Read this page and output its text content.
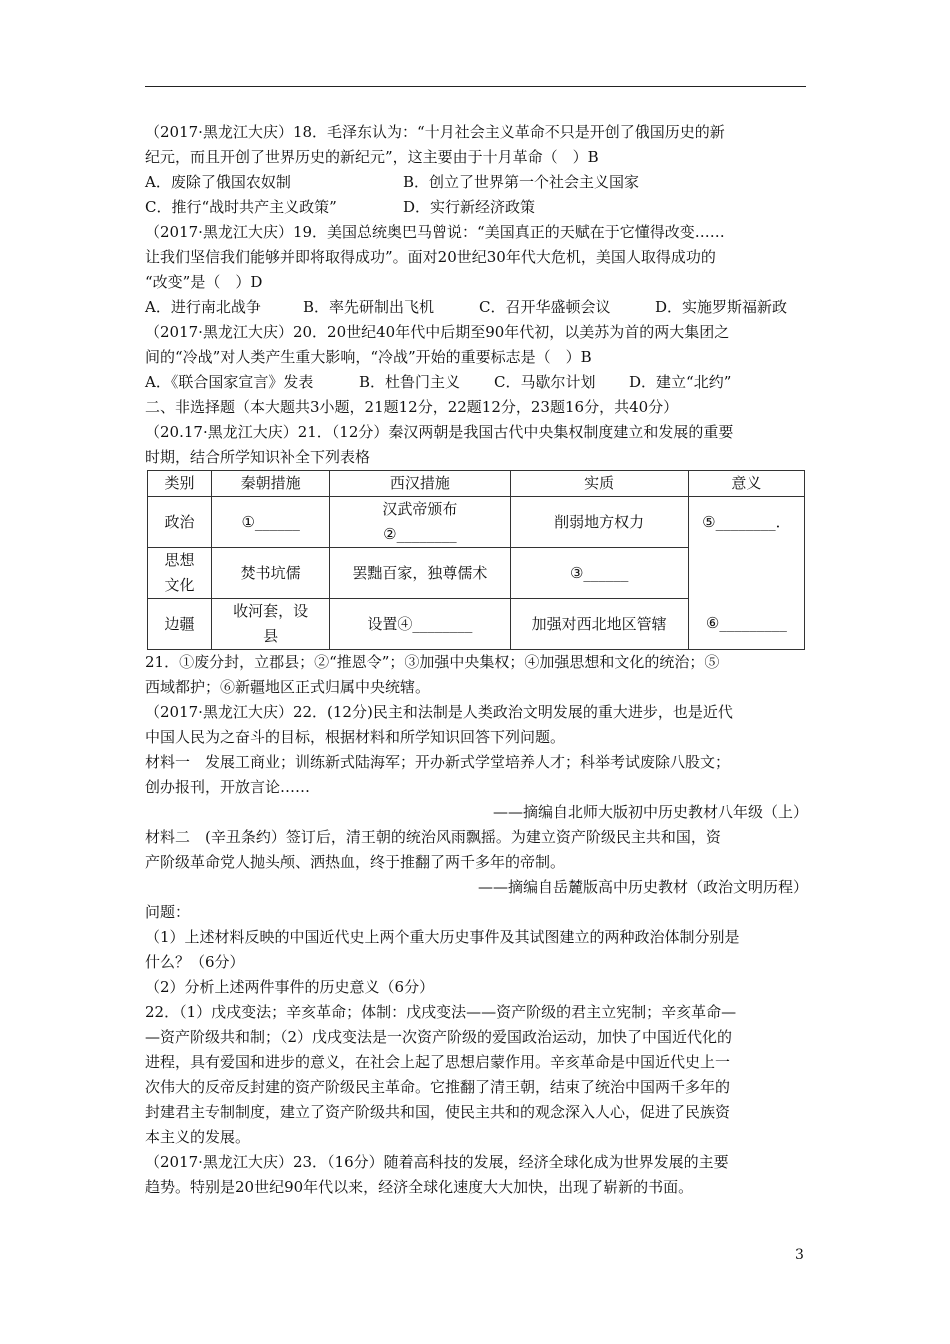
（2017·黑龙江大庆）18．毛泽东认为：“十月社会主义革命不只是开创了俄国历史的新
纪元，而且开创了世界历史的新纪元”，这主要由于十月革命（　）B
A．废除了俄国农奴制	B．创立了世界第一个社会主义国家
C．推行“战时共产主义政策”	D．实行新经济政策
（2017·黑龙江大庆）19．美国总统奥巴马曾说：“美国真正的天赋在于它懂得改变……
让我们坚信我们能够并即将取得成功”。面对20世纪30年代大危机，美国人取得成功的
“改变”是（　）D
A．进行南北战争	B．率先研制出飞机	C．召开华盛顿会议	D．实施罗斯福新政
（2017·黑龙江大庆）20．20世纪40年代中后期至90年代初，以美苏为首的两大集团之
间的“冷战”对人类产生重大影响，“冷战”开始的重要标志是（　）B
A．《联合国家宣言》发表	B．杜鲁门主义	C．马歇尔计划	D．建立“北约”
二、非选择题（本大题共3小题，21题12分，22题12分，23题16分，共40分）
（20.17·黑龙江大庆）21．（12分）秦汉两朝是我国古代中央集权制度建立和发展的重要
时期，结合所学知识补全下列表格
类别	秦朝措施	西汉措施	实质	意义
政治	①______	汉武帝颁布
②________	削弱地方权力	⑤________．

思想
文化	焚书坑儒	罢黜百家，独尊儒术	③______	
边疆	收河套，设
县	设置④________	加强对西北地区管辖	⑥_________
21．①废分封，立郡县；②“推恩令”；③加强中央集权；④加强思想和文化的统治；⑤
西域都护；⑥新疆地区正式归属中央统辖。
（2017·黑龙江大庆）22．(12分)民主和法制是人类政治文明发展的重大进步，也是近代
中国人民为之奋斗的目标，根据材料和所学知识回答下列问题。
材料一　发展工商业；训练新式陆海军；开办新式学堂培养人才；科举考试废除八股文；
创办报刊，开放言论……
——摘编自北师大版初中历史教材八年级（上）
材料二　(辛丑条约）签订后，清王朝的统治风雨飘摇。为建立资产阶级民主共和国，资
产阶级革命党人抛头颅、洒热血，终于推翻了两千多年的帝制。
——摘编自岳麓版高中历史教材（政治文明历程）
问题：
（1）上述材料反映的中国近代史上两个重大历史事件及其试图建立的两种政治体制分别是
什么？（6分）
（2）分析上述两件事件的历史意义（6分）
22．（1）戊戌变法；辛亥革命；体制：戊戌变法——资产阶级的君主立宪制；辛亥革命—
—资产阶级共和制；（2）戊戌变法是一次资产阶级的爱国政治运动，加快了中国近代化的
进程，具有爱国和进步的意义，在社会上起了思想启蒙作用。辛亥革命是中国近代史上一
次伟大的反帝反封建的资产阶级民主革命。它推翻了清王朝，结束了统治中国两千多年的
封建君主专制制度，建立了资产阶级共和国，使民主共和的观念深入人心，促进了民族资
本主义的发展。
（2017·黑龙江大庆）23．（16分）随着高科技的发展，经济全球化成为世界发展的主要
趋势。特别是20世纪90年代以来，经济全球化速度大大加快，出现了崭新的书面。
3
